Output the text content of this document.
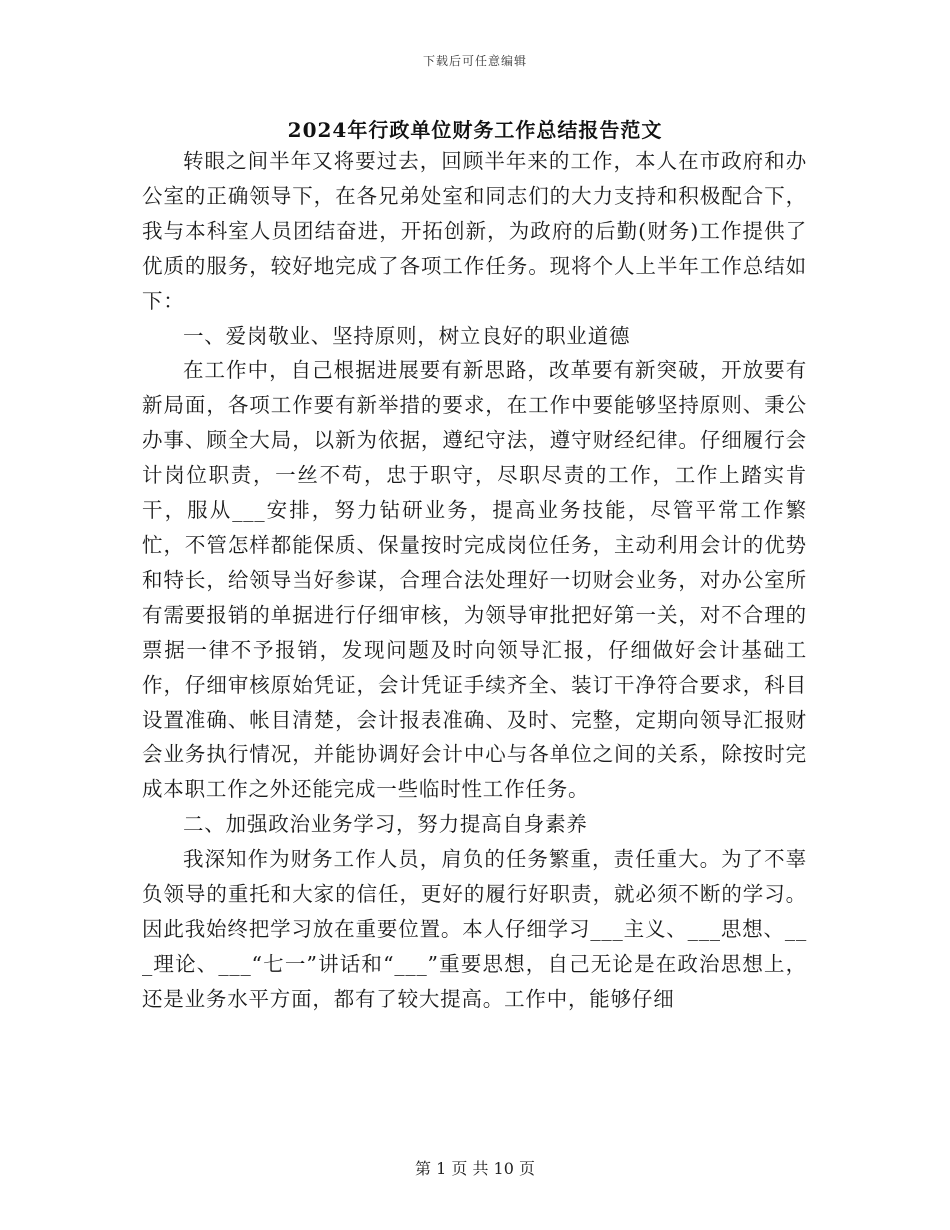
下载后可任意编辑
2024年行政单位财务工作总结报告范文

转眼之间半年又将要过去，回顾半年来的工作，本人在市政府和办公室的正确领导下，在各兄弟处室和同志们的大力支持和积极配合下，我与本科室人员团结奋进，开拓创新，为政府的后勤(财务)工作提供了优质的服务，较好地完成了各项工作任务。现将个人上半年工作总结如下：

一、爱岗敬业、坚持原则，树立良好的职业道德

在工作中，自己根据进展要有新思路，改革要有新突破，开放要有新局面，各项工作要有新举措的要求，在工作中要能够坚持原则、秉公办事、顾全大局，以新为依据，遵纪守法，遵守财经纪律。仔细履行会计岗位职责，一丝不苟，忠于职守，尽职尽责的工作，工作上踏实肯干，服从___安排，努力钻研业务，提高业务技能，尽管平常工作繁忙，不管怎样都能保质、保量按时完成岗位任务，主动利用会计的优势和特长，给领导当好参谋，合理合法处理好一切财会业务，对办公室所有需要报销的单据进行仔细审核，为领导审批把好第一关，对不合理的票据一律不予报销，发现问题及时向领导汇报，仔细做好会计基础工作，仔细审核原始凭证，会计凭证手续齐全、装订干净符合要求，科目设置准确、帐目清楚，会计报表准确、及时、完整，定期向领导汇报财会业务执行情况，并能协调好会计中心与各单位之间的关系，除按时完成本职工作之外还能完成一些临时性工作任务。

二、加强政治业务学习，努力提高自身素养

我深知作为财务工作人员，肩负的任务繁重，责任重大。为了不辜负领导的重托和大家的信任，更好的履行好职责，就必须不断的学习。因此我始终把学习放在重要位置。本人仔细学习___主义、___思想、___理论、___“七一”讲话和“___”重要思想，自己无论是在政治思想上，还是业务水平方面，都有了较大提高。工作中，能够仔细

第 1 页 共 10 页
